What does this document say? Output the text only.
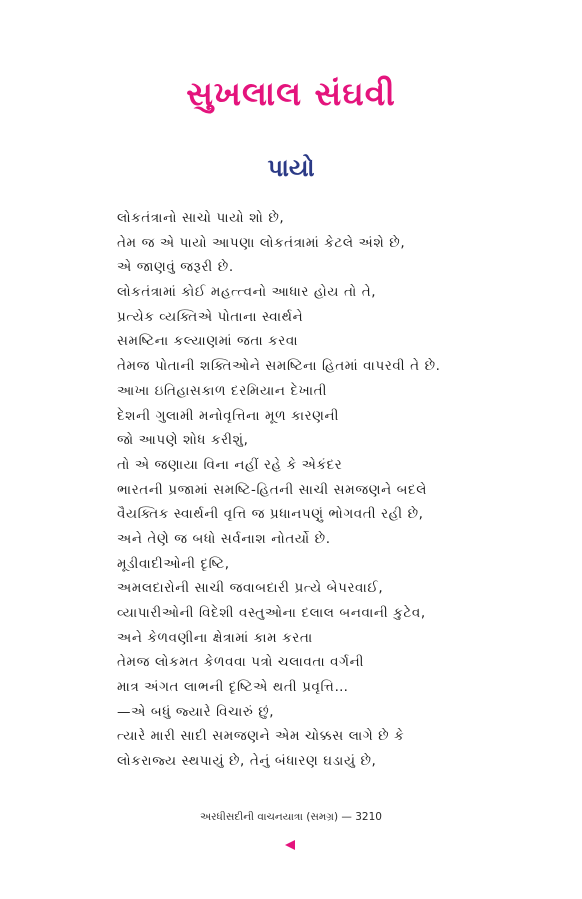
સુખલાલ સંઘવી
પાયો
લોકતંત્રાનો સાચો પાયો શો છે,
તેમ જ એ પાયો આપણા લોકતંત્રામાં કેટલે અંશે છે,
એ જાણવું જરૂરી છે.
લોકતંત્રામાં કોઈ મહત્ત્વનો આધાર હોય તો તે,
પ્રત્યેક વ્યક્તિએ પોતાના સ્વાર્થને
સમષ્ટિના કલ્યાણમાં જતા કરવા
તેમજ પોતાની શક્તિઓને સમષ્ટિના હિતમાં વાપરવી તે છે.
આખા ઇતિહાસકાળ દરમિયાન દેખાતી
દેશની ગુલામી મનોવૃત્તિના મૂળ કારણની
જો આપણે શોધ કરીશું,
તો એ જણાયા વિના નહીં રહે કે એકંદર
ભારતની પ્રજામાં સમષ્ટિ-હિતની સાચી સમજણને બદલે
વૈયક્તિક સ્વાર્થની વૃત્તિ જ પ્રધાનપણું ભોગવતી રહી છે,
અને તેણે જ બધો સર્વનાશ નોતર્યો છે.
મૂડીવાદીઓની દૃષ્ટિ,
અમલદારોની સાચી જવાબદારી પ્રત્યે બેપરવાઈ,
વ્યાપારીઓની વિદેશી વસ્તુઓના દલાલ બનવાની કુટેવ,
અને કેળવણીના ક્ષેત્રામાં કામ કરતા
તેમજ લોકમત કેળવવા પત્રો ચલાવતા વર્ગની
માત્ર અંગત લાભની દૃષ્ટિએ થતી પ્રવૃત્તિ…
—એ બધું જ્યારે વિચારું છું,
ત્યારે મારી સાદી સમજણને એમ ચોક્કસ લાગે છે કે
લોકરાજ્ય સ્થપાયું છે, તેનું બંધારણ ઘડાયું છે,
અરધીસદીની વાચનયાત્રા (સમગ્ર) — 3210
